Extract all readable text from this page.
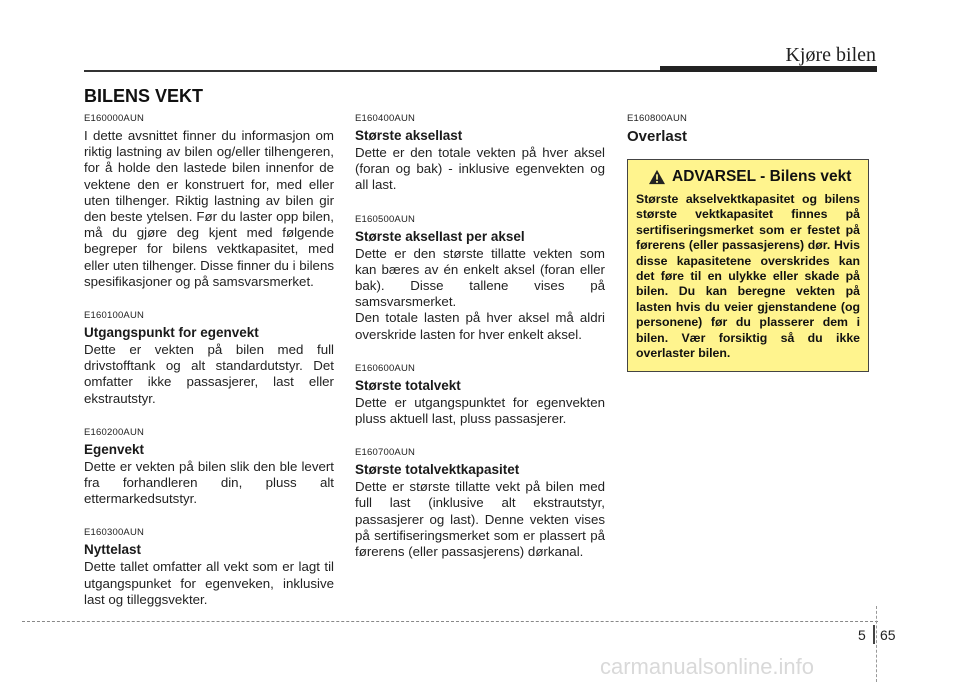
Kjøre bilen
BILENS VEKT
E160000AUN
I dette avsnittet finner du informasjon om riktig lastning av bilen og/eller tilhengeren, for å holde den lastede bilen innenfor de vektene den er konstruert for, med eller uten tilhenger. Riktig lastning av bilen gir den beste ytelsen. Før du laster opp bilen, må du gjøre deg kjent med følgende begreper for bilens vektkapasitet, med eller uten tilhenger. Disse finner du i bilens spesifikasjoner og på samsvarsmerket.
E160100AUN
Utgangspunkt for egenvekt
Dette er vekten på bilen med full drivstofftank og alt standardutstyr. Det omfatter ikke passasjerer, last eller ekstrautstyr.
E160200AUN
Egenvekt
Dette er vekten på bilen slik den ble levert fra forhandleren din, pluss alt ettermarkedsutstyr.
E160300AUN
Nyttelast
Dette tallet omfatter all vekt som er lagt til utgangspunket for egenveken, inklusive last og tilleggsvekter.
E160400AUN
Største akselIast
Dette er den totale vekten på hver aksel (foran og bak) - inklusive egenvekten og all last.
E160500AUN
Største akselIast per aksel

Dette er den største tillatte vekten som kan bæres av én enkelt aksel (foran eller bak). Disse tallene vises på samsvarsmerket.

Den totale lasten på hver aksel må aldri overskride lasten for hver enkelt aksel.

E160600AUN
Største totalvekt
Dette er utgangspunktet for egenvekten pluss aktuell last, pluss passasjerer.
E160700AUN
Største totalvektkapasitet
Dette er største tillatte vekt på bilen med full last (inklusive alt ekstrautstyr, passasjerer og last). Denne vekten vises på sertifiseringsmerket som er plassert på førerens (eller passasjerens) dørkanal.
E160800AUN
Overlast
ADVARSEL - Bilens vekt
Største akselvektkapasitet og bilens største vektkapasitet finnes på sertifiseringsmerket som er festet på førerens (eller passasjerens) dør. Hvis disse kapasitetene overskrides kan det føre til en ulykke eller skade på bilen. Du kan beregne vekten på lasten hvis du veier gjenstandene (og personene) før du plasserer dem i bilen. Vær forsiktig så du ikke overlaster bilen.
5 65
carmanualsonline.info
